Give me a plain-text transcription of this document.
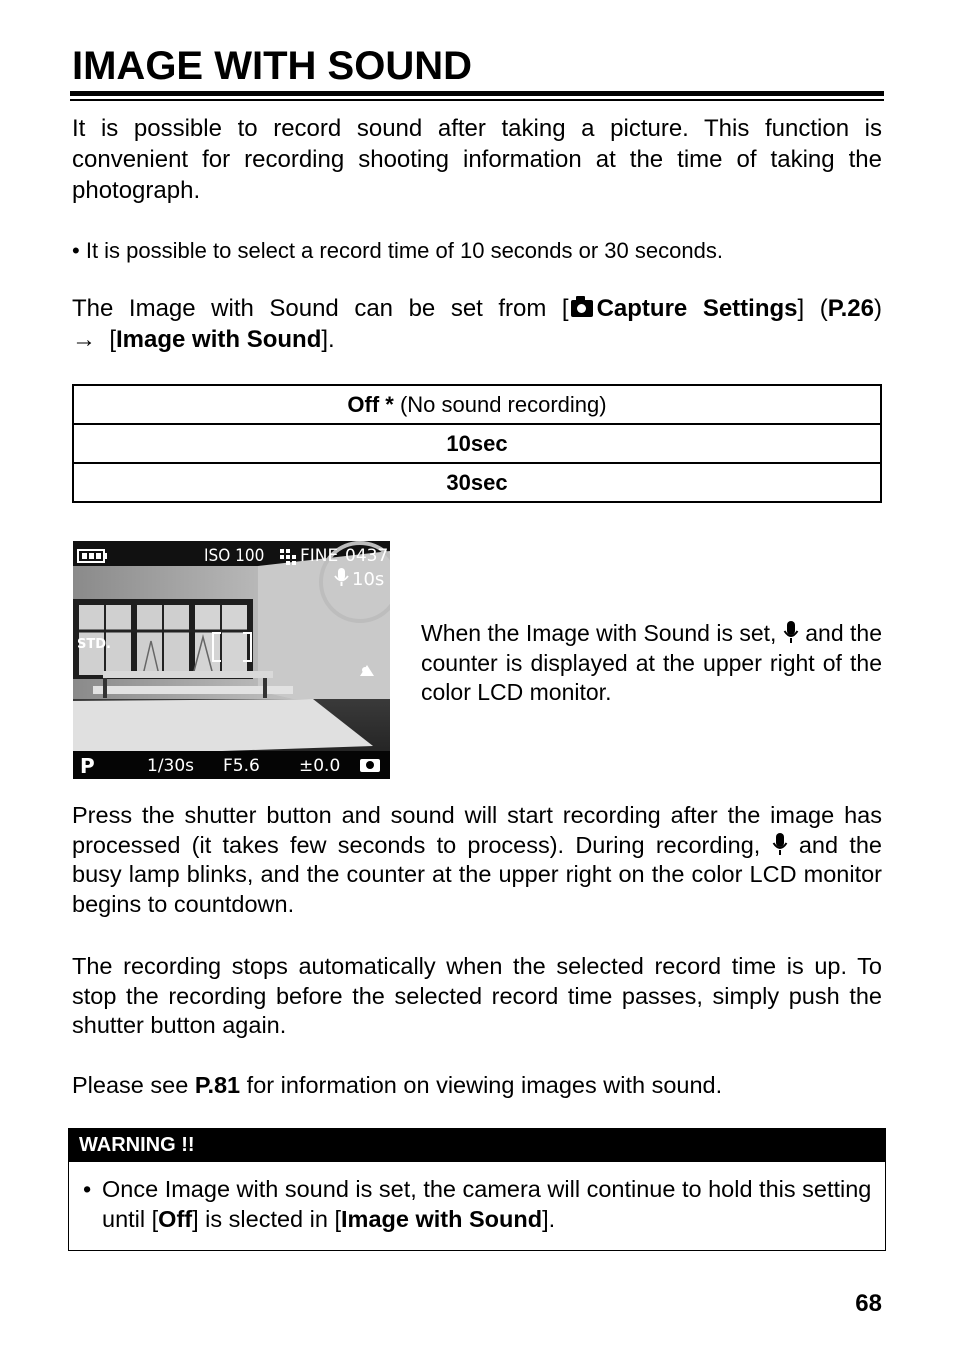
IMAGE WITH SOUND
It is possible to record sound after taking a picture. This function is convenient for recording shooting information at the time of taking the photograph.
• It is possible to select a record time of 10 seconds or 30 seconds.
The Image with Sound can be set from [ Capture Settings] (P.26)
→ [Image with Sound].
Off * (No sound recording)
10sec
30sec
ISO 100 FINE 0437
10s
STD.
P	1/30s F5.6 ±0.0
When the Image with Sound is set, and the counter is displayed at the upper right of the color LCD monitor.
Press the shutter button and sound will start recording after the image has processed (it takes few seconds to process). During recording, and the busy lamp blinks, and the counter at the upper right on the color LCD monitor begins to countdown.
The recording stops automatically when the selected record time is up. To stop the recording before the selected record time passes, simply push the shutter button again.
Please see P.81 for information on viewing images with sound.
WARNING !!
• Once Image with sound is set, the camera will continue to hold this setting until [Off] is slected in [Image with Sound].
68
